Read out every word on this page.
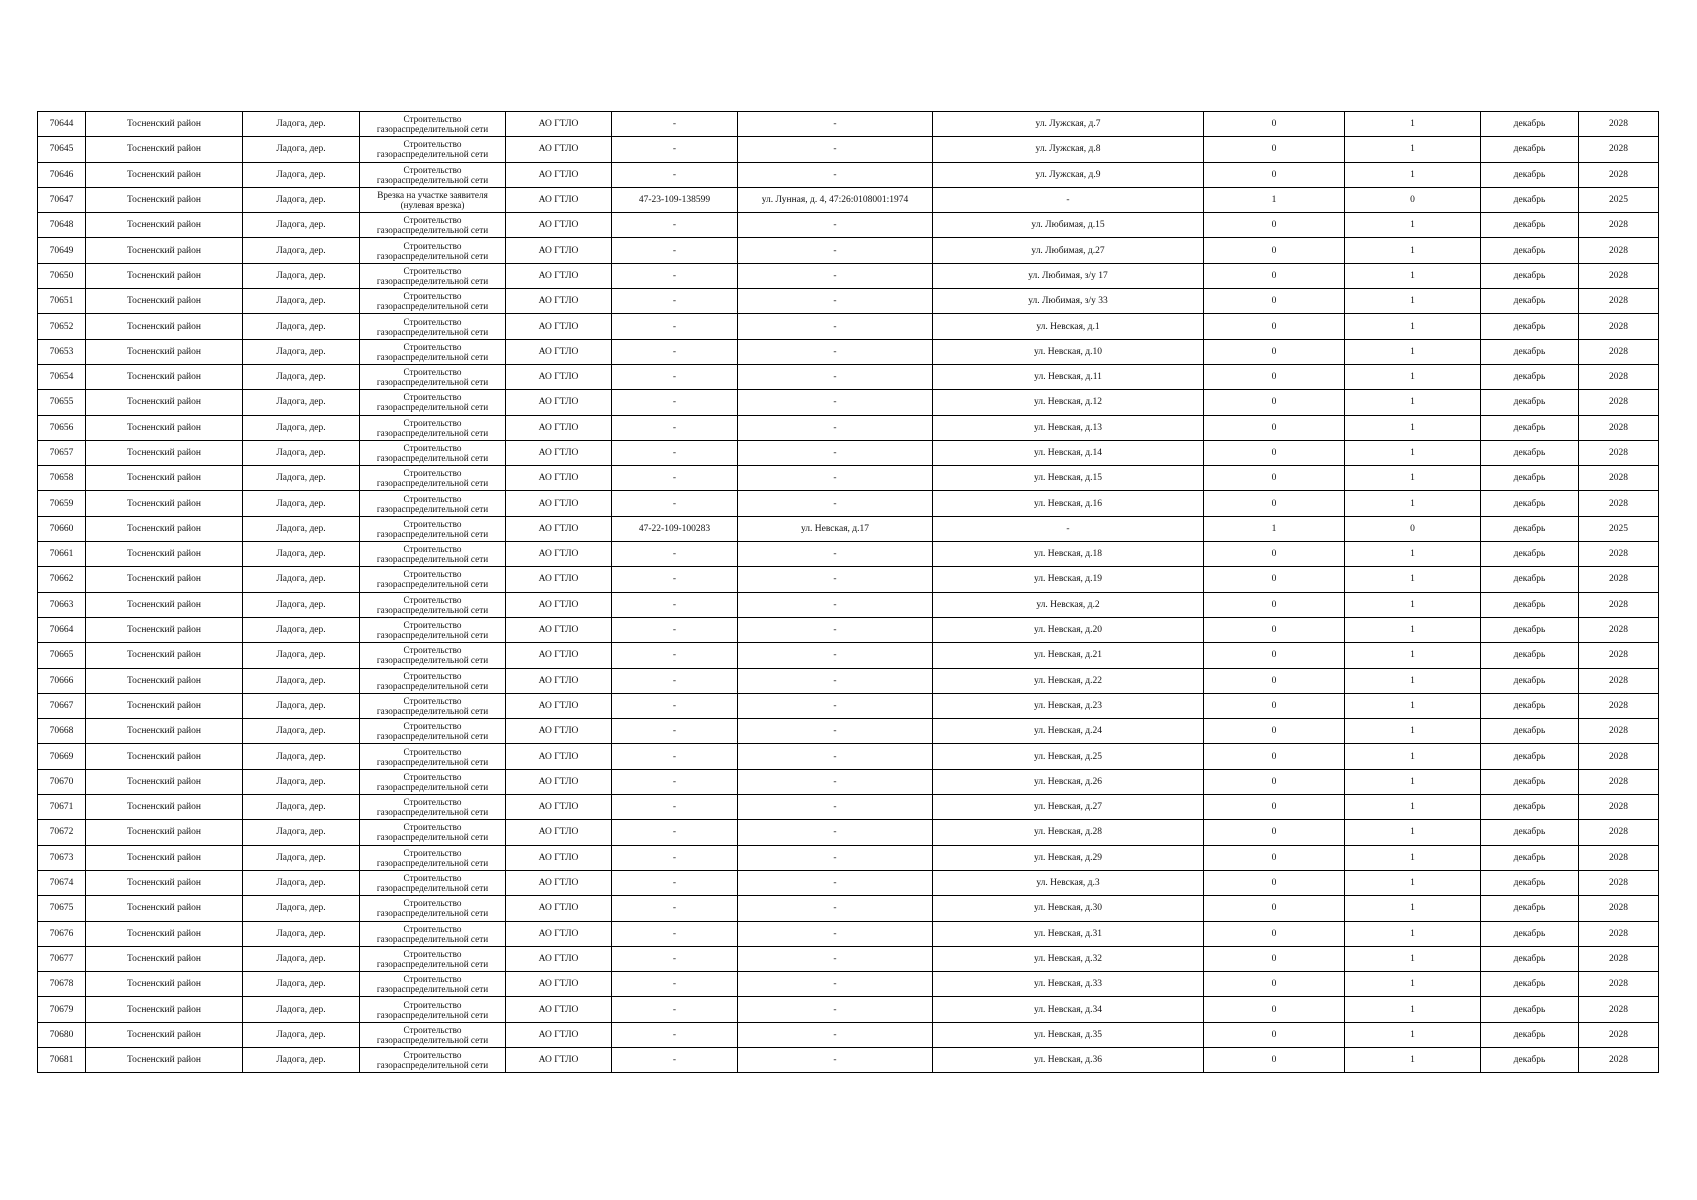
70644	Тосненский район	Ладога, дер.	Строительство газораспределительной сети	АО ГТЛО	-	-	ул. Лужская, д.7	0	1	декабрь	2028
70645	Тосненский район	Ладога, дер.	Строительство газораспределительной сети	АО ГТЛО	-	-	ул. Лужская, д.8	0	1	декабрь	2028
70646	Тосненский район	Ладога, дер.	Строительство газораспределительной сети	АО ГТЛО	-	-	ул. Лужская, д.9	0	1	декабрь	2028
70647	Тосненский район	Ладога, дер.	Врезка на участке заявителя (нулевая врезка)	АО ГТЛО	47-23-109-138599	ул. Лунная, д. 4, 47:26:0108001:1974	-	1	0	декабрь	2025
70648	Тосненский район	Ладога, дер.	Строительство газораспределительной сети	АО ГТЛО	-	-	ул. Любимая, д.15	0	1	декабрь	2028
70649	Тосненский район	Ладога, дер.	Строительство газораспределительной сети	АО ГТЛО	-	-	ул. Любимая, д.27	0	1	декабрь	2028
70650	Тосненский район	Ладога, дер.	Строительство газораспределительной сети	АО ГТЛО	-	-	ул. Любимая, з/у 17	0	1	декабрь	2028
70651	Тосненский район	Ладога, дер.	Строительство газораспределительной сети	АО ГТЛО	-	-	ул. Любимая, з/у 33	0	1	декабрь	2028
70652	Тосненский район	Ладога, дер.	Строительство газораспределительной сети	АО ГТЛО	-	-	ул. Невская, д.1	0	1	декабрь	2028
70653	Тосненский район	Ладога, дер.	Строительство газораспределительной сети	АО ГТЛО	-	-	ул. Невская, д.10	0	1	декабрь	2028
70654	Тосненский район	Ладога, дер.	Строительство газораспределительной сети	АО ГТЛО	-	-	ул. Невская, д.11	0	1	декабрь	2028
70655	Тосненский район	Ладога, дер.	Строительство газораспределительной сети	АО ГТЛО	-	-	ул. Невская, д.12	0	1	декабрь	2028
70656	Тосненский район	Ладога, дер.	Строительство газораспределительной сети	АО ГТЛО	-	-	ул. Невская, д.13	0	1	декабрь	2028
70657	Тосненский район	Ладога, дер.	Строительство газораспределительной сети	АО ГТЛО	-	-	ул. Невская, д.14	0	1	декабрь	2028
70658	Тосненский район	Ладога, дер.	Строительство газораспределительной сети	АО ГТЛО	-	-	ул. Невская, д.15	0	1	декабрь	2028
70659	Тосненский район	Ладога, дер.	Строительство газораспределительной сети	АО ГТЛО	-	-	ул. Невская, д.16	0	1	декабрь	2028
70660	Тосненский район	Ладога, дер.	Строительство газораспределительной сети	АО ГТЛО	47-22-109-100283	ул. Невская, д.17	-	1	0	декабрь	2025
70661	Тосненский район	Ладога, дер.	Строительство газораспределительной сети	АО ГТЛО	-	-	ул. Невская, д.18	0	1	декабрь	2028
70662	Тосненский район	Ладога, дер.	Строительство газораспределительной сети	АО ГТЛО	-	-	ул. Невская, д.19	0	1	декабрь	2028
70663	Тосненский район	Ладога, дер.	Строительство газораспределительной сети	АО ГТЛО	-	-	ул. Невская, д.2	0	1	декабрь	2028
70664	Тосненский район	Ладога, дер.	Строительство газораспределительной сети	АО ГТЛО	-	-	ул. Невская, д.20	0	1	декабрь	2028
70665	Тосненский район	Ладога, дер.	Строительство газораспределительной сети	АО ГТЛО	-	-	ул. Невская, д.21	0	1	декабрь	2028
70666	Тосненский район	Ладога, дер.	Строительство газораспределительной сети	АО ГТЛО	-	-	ул. Невская, д.22	0	1	декабрь	2028
70667	Тосненский район	Ладога, дер.	Строительство газораспределительной сети	АО ГТЛО	-	-	ул. Невская, д.23	0	1	декабрь	2028
70668	Тосненский район	Ладога, дер.	Строительство газораспределительной сети	АО ГТЛО	-	-	ул. Невская, д.24	0	1	декабрь	2028
70669	Тосненский район	Ладога, дер.	Строительство газораспределительной сети	АО ГТЛО	-	-	ул. Невская, д.25	0	1	декабрь	2028
70670	Тосненский район	Ладога, дер.	Строительство газораспределительной сети	АО ГТЛО	-	-	ул. Невская, д.26	0	1	декабрь	2028
70671	Тосненский район	Ладога, дер.	Строительство газораспределительной сети	АО ГТЛО	-	-	ул. Невская, д.27	0	1	декабрь	2028
70672	Тосненский район	Ладога, дер.	Строительство газораспределительной сети	АО ГТЛО	-	-	ул. Невская, д.28	0	1	декабрь	2028
70673	Тосненский район	Ладога, дер.	Строительство газораспределительной сети	АО ГТЛО	-	-	ул. Невская, д.29	0	1	декабрь	2028
70674	Тосненский район	Ладога, дер.	Строительство газораспределительной сети	АО ГТЛО	-	-	ул. Невская, д.3	0	1	декабрь	2028
70675	Тосненский район	Ладога, дер.	Строительство газораспределительной сети	АО ГТЛО	-	-	ул. Невская, д.30	0	1	декабрь	2028
70676	Тосненский район	Ладога, дер.	Строительство газораспределительной сети	АО ГТЛО	-	-	ул. Невская, д.31	0	1	декабрь	2028
70677	Тосненский район	Ладога, дер.	Строительство газораспределительной сети	АО ГТЛО	-	-	ул. Невская, д.32	0	1	декабрь	2028
70678	Тосненский район	Ладога, дер.	Строительство газораспределительной сети	АО ГТЛО	-	-	ул. Невская, д.33	0	1	декабрь	2028
70679	Тосненский район	Ладога, дер.	Строительство газораспределительной сети	АО ГТЛО	-	-	ул. Невская, д.34	0	1	декабрь	2028
70680	Тосненский район	Ладога, дер.	Строительство газораспределительной сети	АО ГТЛО	-	-	ул. Невская, д.35	0	1	декабрь	2028
70681	Тосненский район	Ладога, дер.	Строительство газораспределительной сети	АО ГТЛО	-	-	ул. Невская, д.36	0	1	декабрь	2028
